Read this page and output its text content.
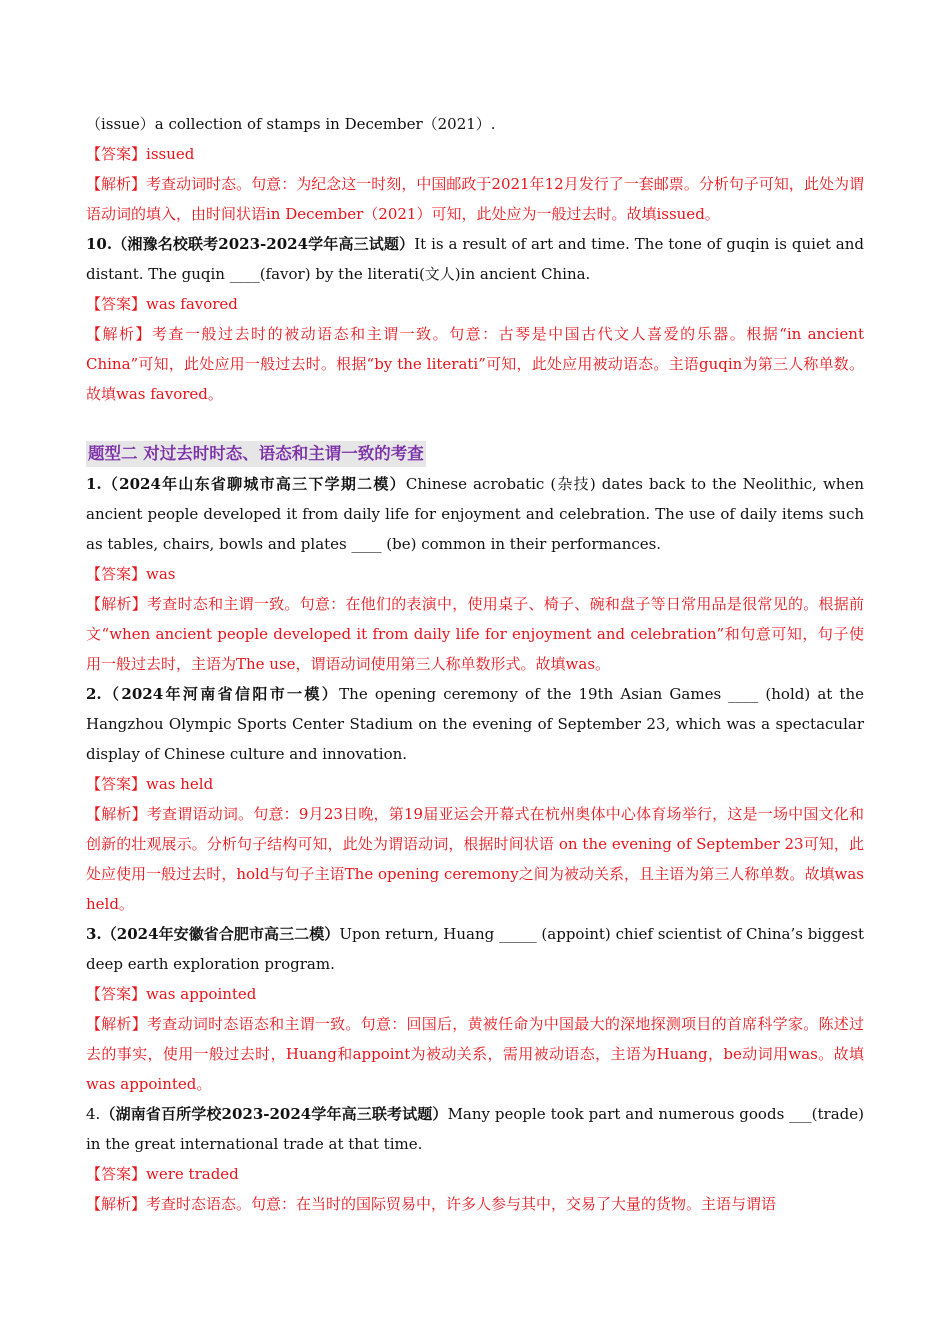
（issue）a collection of stamps in December（2021）.

【答案】issued

【解析】考查动词时态。句意：为纪念这一时刻，中国邮政于2021年12月发行了一套邮票。分析句子可知，此处为谓语动词的填入，由时间状语in December（2021）可知，此处应为一般过去时。故填issued。

10.（湘豫名校联考2023-2024学年高三试题）It is a result of art and time. The tone of guqin is quiet and distant. The guqin ____(favor) by the literati(文人)in ancient China.

【答案】was favored

【解析】考查一般过去时的被动语态和主谓一致。句意：古琴是中国古代文人喜爱的乐器。根据“in ancient China”可知，此处应用一般过去时。根据“by the literati”可知，此处应用被动语态。主语guqin为第三人称单数。故填was favored。

题型二 对过去时时态、语态和主谓一致的考查

1.（2024年山东省聊城市高三下学期二模）Chinese acrobatic (杂技) dates back to the Neolithic, when ancient people developed it from daily life for enjoyment and celebration. The use of daily items such as tables, chairs, bowls and plates ____ (be) common in their performances.

【答案】was

【解析】考查时态和主谓一致。句意：在他们的表演中，使用桌子、椅子、碗和盘子等日常用品是很常见的。根据前文“when ancient people developed it from daily life for enjoyment and celebration”和句意可知，句子使用一般过去时，主语为The use，谓语动词使用第三人称单数形式。故填was。

2.（2024年河南省信阳市一模）The opening ceremony of the 19th Asian Games ____ (hold) at the Hangzhou Olympic Sports Center Stadium on the evening of September 23, which was a spectacular display of Chinese culture and innovation.

【答案】was held

【解析】考查谓语动词。句意：9月23日晚，第19届亚运会开幕式在杭州奥体中心体育场举行，这是一场中国文化和创新的壮观展示。分析句子结构可知，此处为谓语动词，根据时间状语 on the evening of September 23可知，此处应使用一般过去时，hold与句子主语The opening ceremony之间为被动关系，且主语为第三人称单数。故填was held。

3.（2024年安徽省合肥市高三二模）Upon return, Huang _____ (appoint) chief scientist of China’s biggest deep earth exploration program.

【答案】was appointed

【解析】考查动词时态语态和主谓一致。句意：回国后，黄被任命为中国最大的深地探测项目的首席科学家。陈述过去的事实，使用一般过去时，Huang和appoint为被动关系，需用被动语态，主语为Huang，be动词用was。故填was appointed。

4.（湖南省百所学校2023-2024学年高三联考试题）Many people took part and numerous goods ___(trade) in the great international trade at that time.

【答案】were traded

【解析】考查时态语态。句意：在当时的国际贸易中，许多人参与其中，交易了大量的货物。主语与谓语
